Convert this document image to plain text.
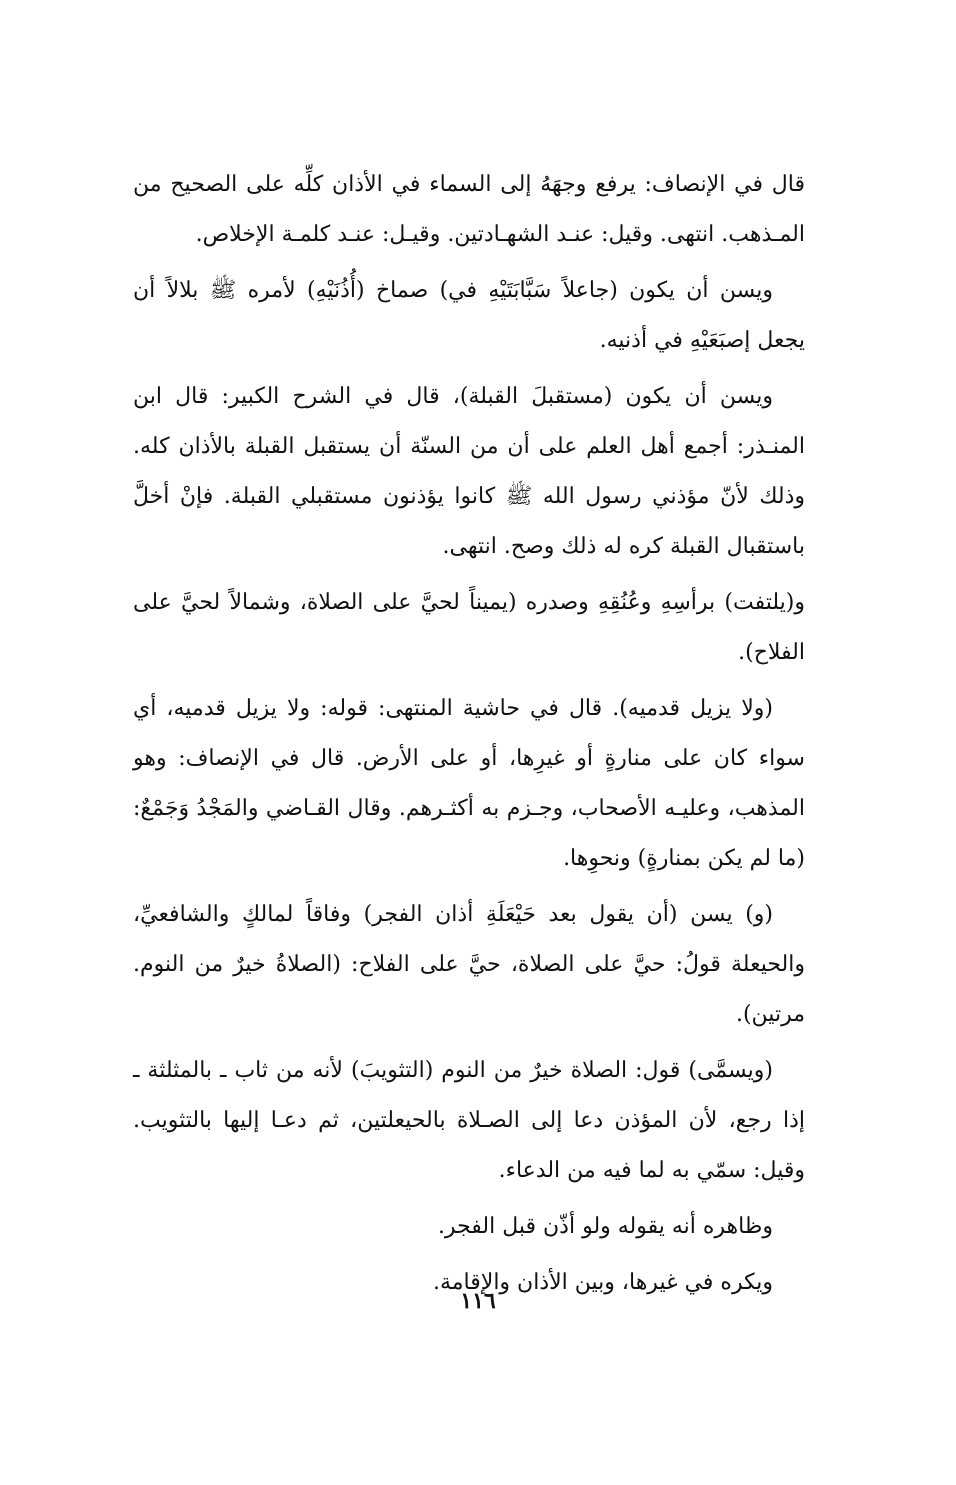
قال في الإنصاف: يرفع وجهَهُ إلى السماء في الأذان كلِّه على الصحيح من المـذهب. انتهى. وقيل: عنـد الشهـادتين. وقيـل: عنـد كلمـة الإخلاص.

ويسن أن يكون (جاعلاً سَبَّابَتَيْهِ في) صماخ (أُذُنَيْهِ) لأمره ﷺ بلالاً أن يجعل إصبَعَيْهِ في أذنيه.

ويسن أن يكون (مستقبلَ القبلة)، قال في الشرح الكبير: قال ابن المنـذر: أجمع أهل العلم على أن من السنّة أن يستقبل القبلة بالأذان كله. وذلك لأنّ مؤذني رسول الله ﷺ كانوا يؤذنون مستقبلي القبلة. فإنْ أخلَّ باستقبال القبلة كره له ذلك وصح. انتهى.

و(يلتفت) برأسِهِ وعُنُقِهِ وصدره (يميناً لحيَّ على الصلاة، وشمالاً لحيَّ على الفلاح).

(ولا يزيل قدميه). قال في حاشية المنتهى: قوله: ولا يزيل قدميه، أي سواء كان على منارةٍ أو غيرِها، أو على الأرض. قال في الإنصاف: وهو المذهب، وعليـه الأصحاب، وجـزم به أكثـرهم. وقال القـاضي والمَجْدُ وَجَمْعٌ: (ما لم يكن بمنارةٍ) ونحوِها.

(و) يسن (أن يقول بعد حَيْعَلَةِ أذان الفجر) وفاقاً لمالكٍ والشافعيِّ، والحيعلة قولُ: حيَّ على الصلاة، حيَّ على الفلاح: (الصلاةُ خيرٌ من النوم. مرتين).

(ويسمَّى) قول: الصلاة خيرٌ من النوم (التثويبَ) لأنه من ثاب ـ بالمثلثة ـ إذا رجع، لأن المؤذن دعا إلى الصـلاة بالحيعلتين، ثم دعـا إليها بالتثويب. وقيل: سمّي به لما فيه من الدعاء.

وظاهره أنه يقوله ولو أذّن قبل الفجر.

ويكره في غيرها، وبين الأذان والإقامة.

١١٦
